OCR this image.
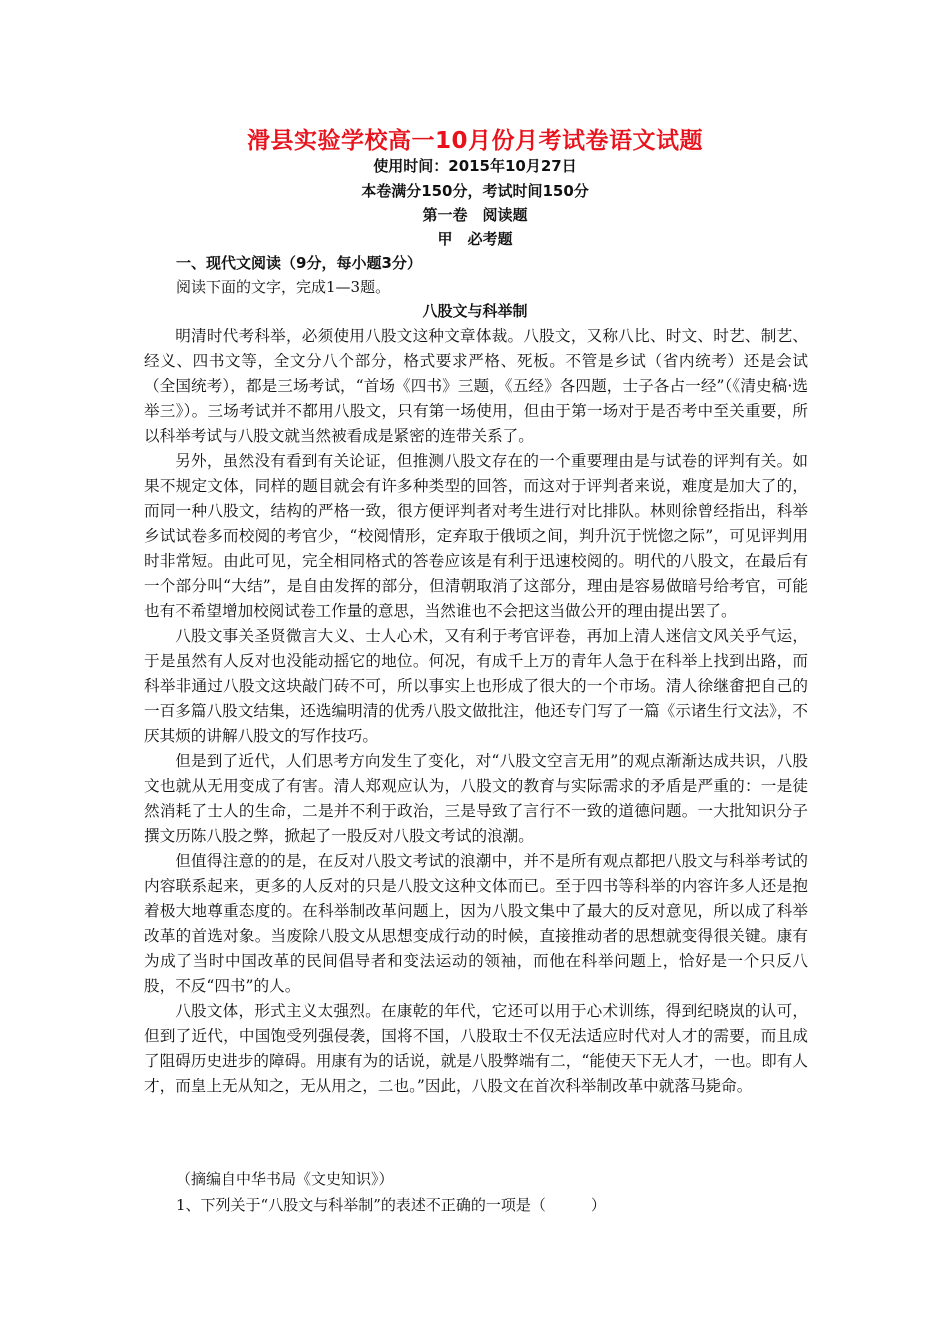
滑县实验学校高一10月份月考试卷语文试题
使用时间：2015年10月27日
本卷满分150分，考试时间150分
第一卷　阅读题
甲　必考题
一、现代文阅读（9分，每小题3分）
阅读下面的文字，完成1—3题。
八股文与科举制

明清时代考科举，必须使用八股文这种文章体裁。八股文，又称八比、时文、时艺、制艺、经义、四书文等，全文分八个部分，格式要求严格、死板。不管是乡试（省内统考）还是会试（全国统考），都是三场考试，“首场《四书》三题，《五经》各四题，士子各占一经”（《清史稿·选举三》）。三场考试并不都用八股文，只有第一场使用，但由于第一场对于是否考中至关重要，所以科举考试与八股文就当然被看成是紧密的连带关系了。

另外，虽然没有看到有关论证，但推测八股文存在的一个重要理由是与试卷的评判有关。如果不规定文体，同样的题目就会有许多种类型的回答，而这对于评判者来说，难度是加大了的，而同一种八股文，结构的严格一致，很方便评判者对考生进行对比排队。林则徐曾经指出，科举乡试试卷多而校阅的考官少，“校阅情形，定弃取于俄顷之间，判升沉于恍惚之际”，可见评判用时非常短。由此可见，完全相同格式的答卷应该是有利于迅速校阅的。明代的八股文，在最后有一个部分叫“大结”，是自由发挥的部分，但清朝取消了这部分，理由是容易做暗号给考官，可能也有不希望增加校阅试卷工作量的意思，当然谁也不会把这当做公开的理由提出罢了。

八股文事关圣贤微言大义、士人心术，又有利于考官评卷，再加上清人迷信文风关乎气运，于是虽然有人反对也没能动摇它的地位。何况，有成千上万的青年人急于在科举上找到出路，而科举非通过八股文这块敲门砖不可，所以事实上也形成了很大的一个市场。清人徐继畬把自己的一百多篇八股文结集，还选编明清的优秀八股文做批注，他还专门写了一篇《示诸生行文法》，不厌其烦的讲解八股文的写作技巧。

但是到了近代，人们思考方向发生了变化，对“八股文空言无用”的观点渐渐达成共识，八股文也就从无用变成了有害。清人郑观应认为，八股文的教育与实际需求的矛盾是严重的：一是徒然消耗了士人的生命，二是并不利于政治，三是导致了言行不一致的道德问题。一大批知识分子撰文历陈八股之弊，掀起了一股反对八股文考试的浪潮。

但值得注意的的是，在反对八股文考试的浪潮中，并不是所有观点都把八股文与科举考试的内容联系起来，更多的人反对的只是八股文这种文体而已。至于四书等科举的内容许多人还是抱着极大地尊重态度的。在科举制改革问题上，因为八股文集中了最大的反对意见，所以成了科举改革的首选对象。当废除八股文从思想变成行动的时候，直接推动者的思想就变得很关键。康有为成了当时中国改革的民间倡导者和变法运动的领袖，而他在科举问题上，恰好是一个只反八股，不反“四书”的人。

八股文体，形式主义太强烈。在康乾的年代，它还可以用于心术训练，得到纪晓岚的认可，但到了近代，中国饱受列强侵袭，国将不国，八股取士不仅无法适应时代对人才的需要，而且成了阻碍历史进步的障碍。用康有为的话说，就是八股弊端有二，“能使天下无人才，一也。即有人才，而皇上无从知之，无从用之，二也。”因此，八股文在首次科举制改革中就落马毙命。

（摘编自中华书局《文史知识》）
1、下列关于“八股文与科举制”的表述不正确的一项是（　　　）
